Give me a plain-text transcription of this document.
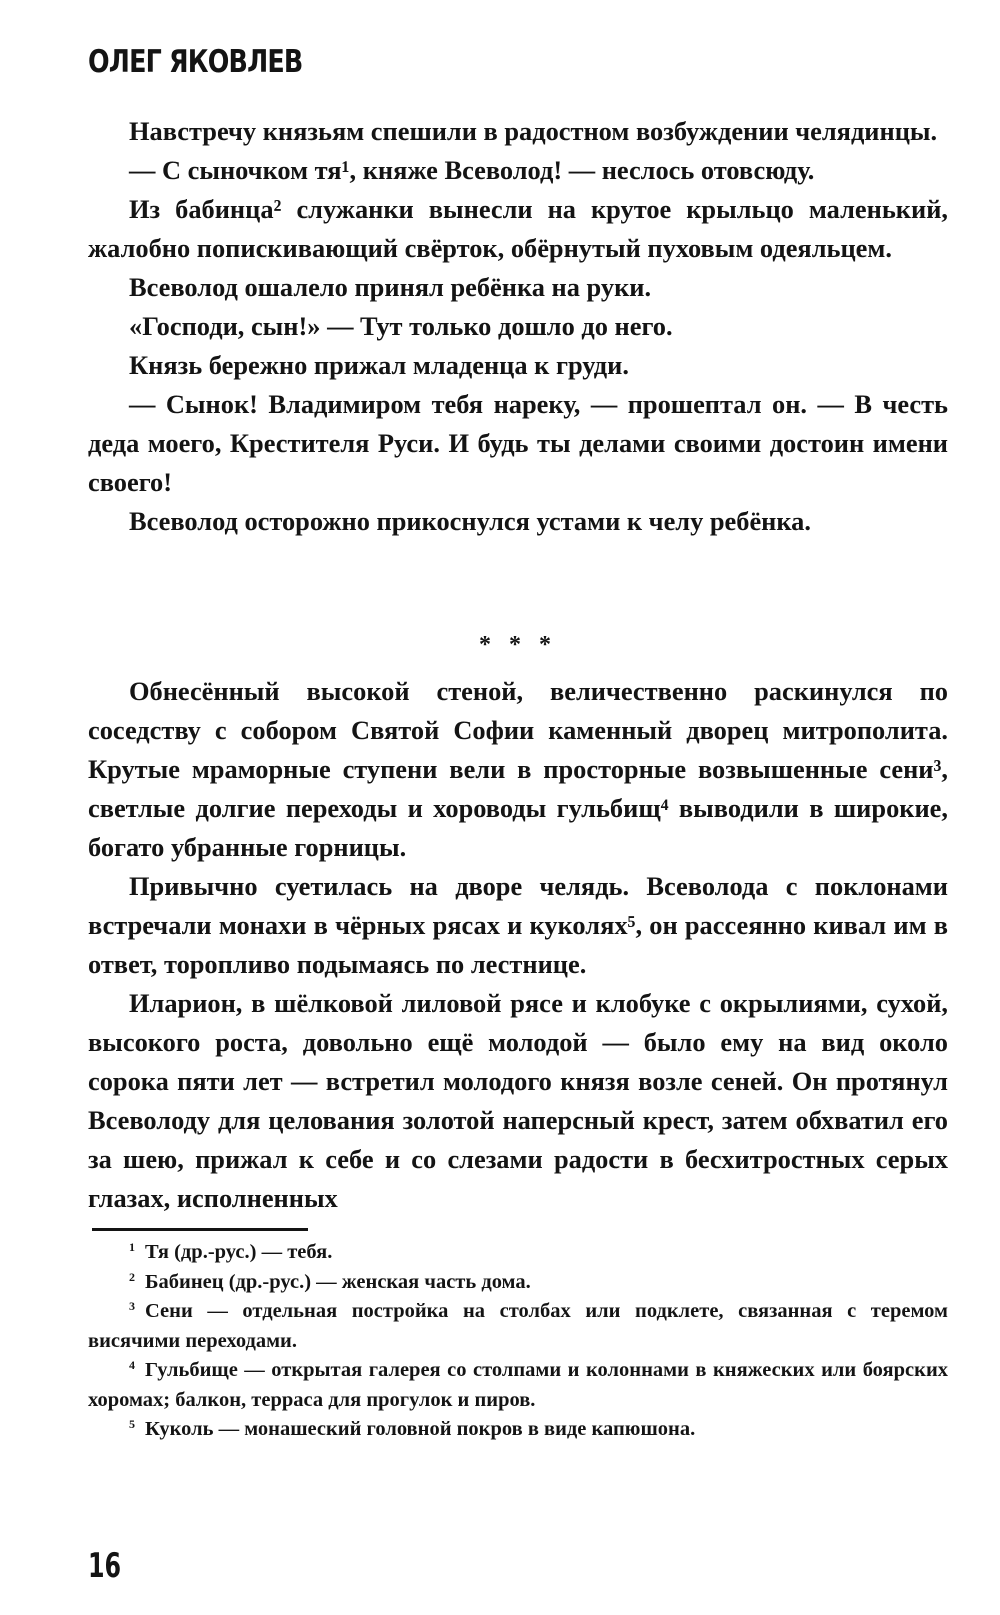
ОЛЕГ ЯКОВЛЕВ

Навстречу князьям спешили в радостном возбуждении челядинцы.

— С сыночком тя¹, княже Всеволод! — неслось отовсюду.

Из бабинца² служанки вынесли на крутое крыльцо маленький, жалобно попискивающий свёрток, обёрнутый пуховым одеяльцем.

Всеволод ошалело принял ребёнка на руки.

«Господи, сын!» — Тут только дошло до него.

Князь бережно прижал младенца к груди.

— Сынок! Владимиром тебя нареку, — прошептал он. — В честь деда моего, Крестителя Руси. И будь ты делами своими достоин имени своего!

Всеволод осторожно прикоснулся устами к челу ребёнка.

* * *

Обнесённый высокой стеной, величественно раскинулся по соседству с собором Святой Софии каменный дворец митрополита. Крутые мраморные ступени вели в просторные возвышенные сени³, светлые долгие переходы и хороводы гульбищ⁴ выводили в широкие, богато убранные горницы.

Привычно суетилась на дворе челядь. Всеволода с поклонами встречали монахи в чёрных рясах и куколях⁵, он рассеянно кивал им в ответ, торопливо подымаясь по лестнице.

Иларион, в шёлковой лиловой рясе и клобуке с окрылиями, сухой, высокого роста, довольно ещё молодой — было ему на вид около сорока пяти лет — встретил молодого князя возле сеней. Он протянул Всеволоду для целования золотой наперсный крест, затем обхватил его за шею, прижал к себе и со слезами радости в бесхитростных серых глазах, исполненных

$^1$ Тя (др.-рус.) — тебя.

$^2$ Бабинец (др.-рус.) — женская часть дома.

$^3$ Сени — отдельная постройка на столбах или подклете, связанная с теремом висячими переходами.

$^4$ Гульбище — открытая галерея со столпами и колоннами в княжеских или боярских хоромах; балкон, терраса для прогулок и пиров.

$^5$ Куколь — монашеский головной покров в виде капюшона.

16
